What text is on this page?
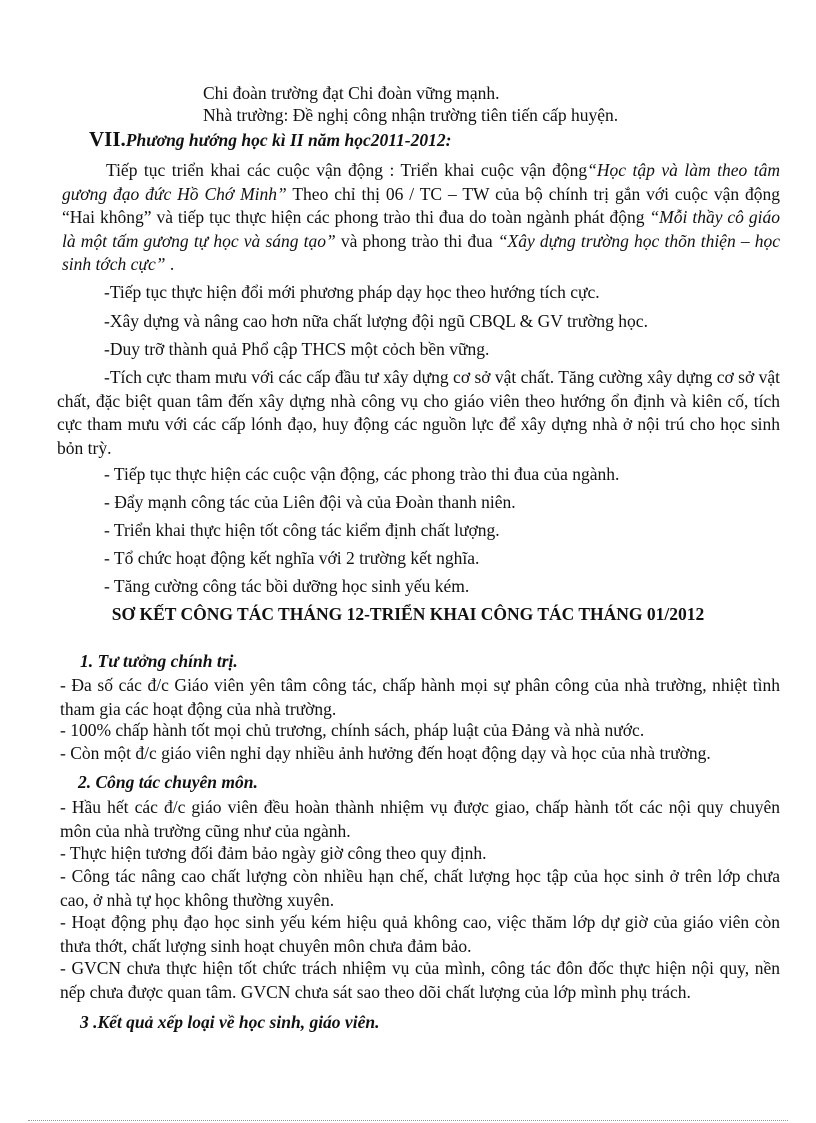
Chi đoàn trường đạt Chi đoàn vững mạnh.
Nhà trường: Đề nghị công nhận trường tiên tiến cấp huyện.
VII.Phương hướng học kì II năm học2011-2012:
Tiếp tục triển khai các cuộc vận động : Triển khai cuộc vận động“Học tập và làm theo tâm gương đạo đức Hồ Chớ Minh” Theo chỉ thị 06 / TC – TW của bộ chính trị gắn với cuộc vận động “Hai không” và tiếp tục thực hiện các phong trào thi đua do toàn ngành phát động “Mỗi thầy cô giáo là một tấm gương tự học và sáng tạo” và phong trào thi đua “Xây dựng trường học thõn thiện – học sinh tớch cực” .
-Tiếp tục thực hiện đổi mới phương pháp dạy học theo hướng tích cực.
-Xây dựng và nâng cao hơn nữa chất lượng đội ngũ CBQL & GV trường học.
-Duy trỡ thành quả Phổ cập THCS một cỏch bền vững.
-Tích cực tham mưu với các cấp đầu tư xây dựng cơ sở vật chất. Tăng cường xây dựng cơ sở vật chất, đặc biệt quan tâm đến xây dựng nhà công vụ cho giáo viên theo hướng ổn định và kiên cố, tích cực tham mưu với các cấp lónh đạo, huy động các nguồn lực để xây dựng nhà ở nội trú cho học sinh bỏn trỳ.
- Tiếp tục thực hiện các cuộc vận động, các phong trào thi đua của ngành.
- Đẩy mạnh công tác của Liên đội và của Đoàn thanh niên.
- Triển khai thực hiện tốt công tác kiểm định chất lượng.
- Tổ chức hoạt động kết nghĩa với 2 trường kết nghĩa.
- Tăng cường công tác bồi dưỡng học sinh yếu kém.
SƠ KẾT CÔNG TÁC THÁNG 12-TRIỂN KHAI CÔNG TÁC THÁNG 01/2012
1. Tư tưởng chính trị.
- Đa số các đ/c Giáo viên yên tâm công tác, chấp hành mọi sự phân công của nhà trường, nhiệt tình tham gia các hoạt động của nhà trường.
- 100% chấp hành tốt mọi chủ trương, chính sách, pháp luật của Đảng và nhà nước.
- Còn một đ/c giáo viên nghỉ dạy nhiều ảnh hưởng đến hoạt động dạy và học của nhà trường.
2. Công tác chuyên môn.
- Hầu hết các đ/c giáo viên đều hoàn thành nhiệm vụ được giao, chấp hành tốt các nội quy chuyên môn của nhà trường cũng như của ngành.
- Thực hiện tương đối đảm bảo ngày giờ công theo quy định.
- Công tác nâng cao chất lượng còn nhiều hạn chế, chất lượng học tập của học sinh ở trên lớp chưa cao, ở nhà tự học không thường xuyên.
- Hoạt động phụ đạo học sinh yếu kém hiệu quả không cao, việc thăm lớp dự giờ của giáo viên còn thưa thớt, chất lượng sinh hoạt chuyên môn chưa đảm bảo.
- GVCN chưa thực hiện tốt chức trách nhiệm vụ của mình, công tác đôn đốc thực hiện nội quy, nền nếp chưa được quan tâm. GVCN chưa sát sao theo dõi chất lượng của lớp mình phụ trách.
3 .Kết quả xếp loại về học sinh, giáo viên.
